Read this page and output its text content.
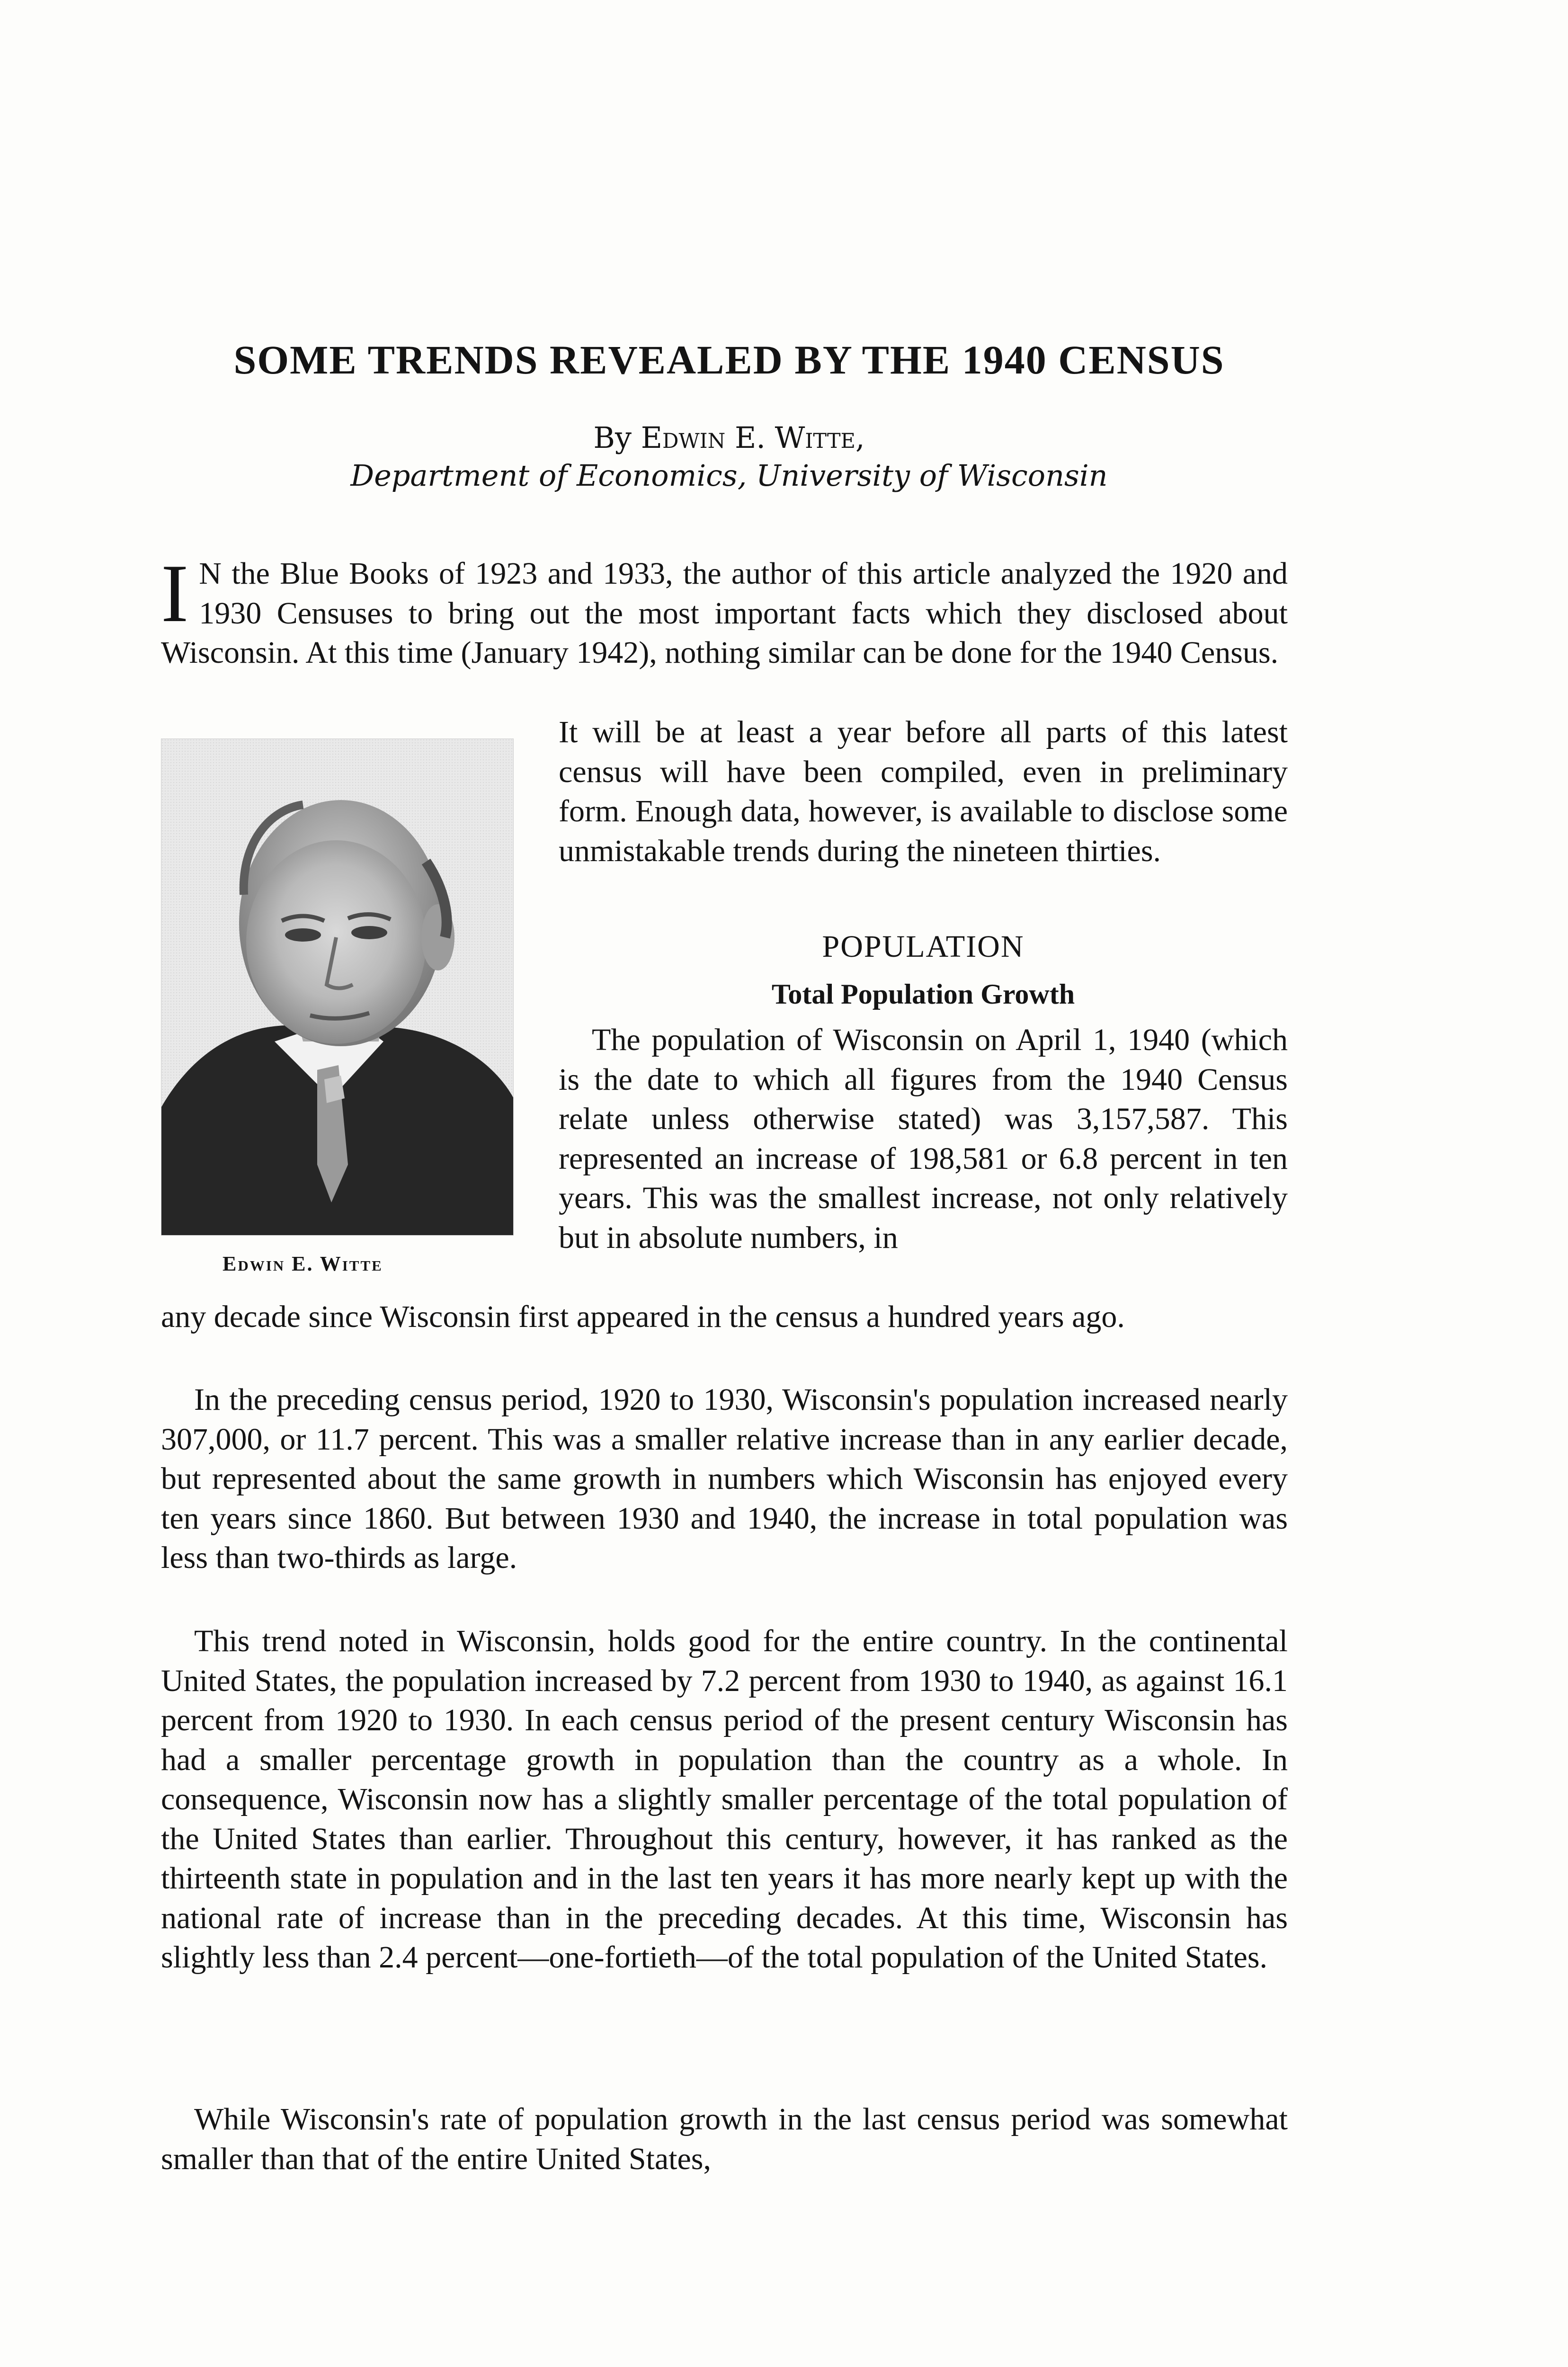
SOME TRENDS REVEALED BY THE 1940 CENSUS

By Edwin E. Witte,

Department of Economics, University of Wisconsin

I N the Blue Books of 1923 and 1933, the author of this article analyzed the 1920 and 1930 Censuses to bring out the most important facts which they disclosed about Wisconsin. At this time (January 1942), nothing similar can be done for the 1940 Census.
It will be at least a year before all parts of this latest census will have been compiled, even in preliminary form. Enough data, however, is available to disclose some unmistakable trends during the nineteen thirties.
Edwin E. Witte
POPULATION
Total Population Growth
The population of Wisconsin on April 1, 1940 (which is the date to which all figures from the 1940 Census relate unless otherwise stated) was 3,157,587. This represented an increase of 198,581 or 6.8 percent in ten years. This was the smallest increase, not only relatively but in absolute numbers, in
any decade since Wisconsin first appeared in the census a hundred years ago.
In the preceding census period, 1920 to 1930, Wisconsin's population increased nearly 307,000, or 11.7 percent. This was a smaller relative increase than in any earlier decade, but represented about the same growth in numbers which Wisconsin has enjoyed every ten years since 1860. But between 1930 and 1940, the increase in total population was less than two-thirds as large.
This trend noted in Wisconsin, holds good for the entire country. In the continental United States, the population increased by 7.2 percent from 1930 to 1940, as against 16.1 percent from 1920 to 1930. In each census period of the present century Wisconsin has had a smaller percentage growth in population than the country as a whole. In consequence, Wisconsin now has a slightly smaller percentage of the total population of the United States than earlier. Throughout this century, however, it has ranked as the thirteenth state in population and in the last ten years it has more nearly kept up with the national rate of increase than in the preceding decades. At this time, Wisconsin has slightly less than 2.4 percent—one-fortieth—of the total population of the United States.
While Wisconsin's rate of population growth in the last census period was somewhat smaller than that of the entire United States,
